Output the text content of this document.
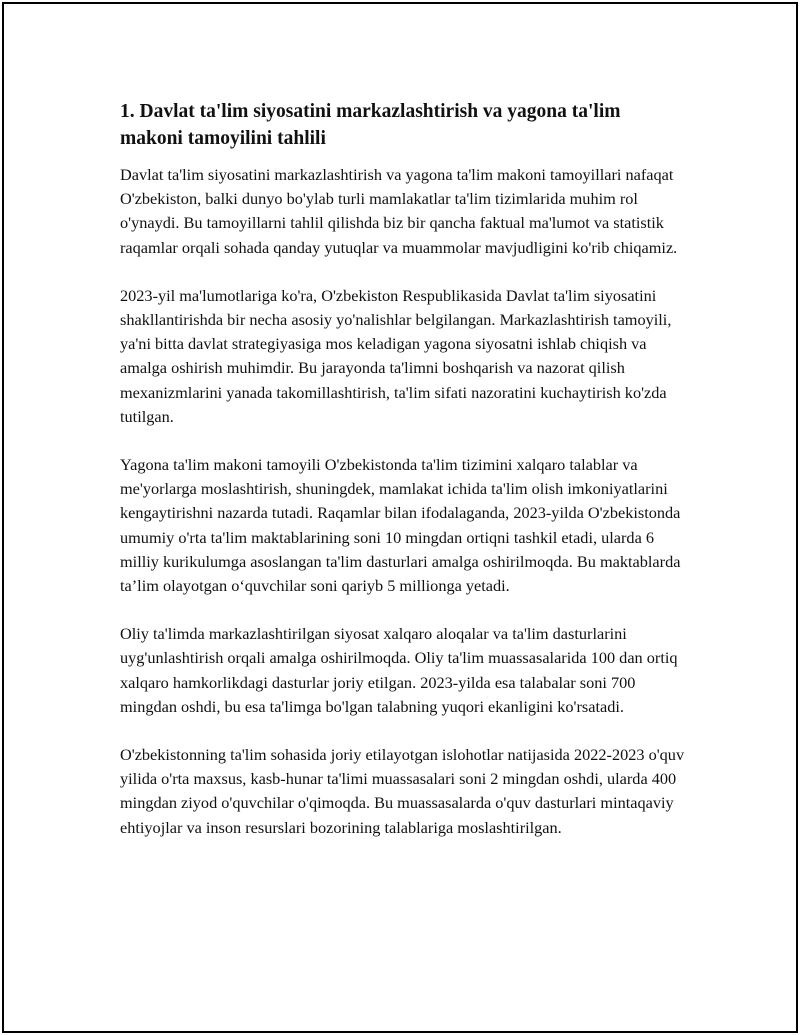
1. Davlat ta'lim siyosatini markazlashtirish va yagona ta'lim makoni tamoyilini tahlili

Davlat ta'lim siyosatini markazlashtirish va yagona ta'lim makoni tamoyillari nafaqat O'zbekiston, balki dunyo bo'ylab turli mamlakatlar ta'lim tizimlarida muhim rol o'ynaydi. Bu tamoyillarni tahlil qilishda biz bir qancha faktual ma'lumot va statistik raqamlar orqali sohada qanday yutuqlar va muammolar mavjudligini ko'rib chiqamiz.

2023-yil ma'lumotlariga ko'ra, O'zbekiston Respublikasida Davlat ta'lim siyosatini shakllantirishda bir necha asosiy yo'nalishlar belgilangan. Markazlashtirish tamoyili, ya'ni bitta davlat strategiyasiga mos keladigan yagona siyosatni ishlab chiqish va amalga oshirish muhimdir. Bu jarayonda ta'limni boshqarish va nazorat qilish mexanizmlarini yanada takomillashtirish, ta'lim sifati nazoratini kuchaytirish ko'zda tutilgan.

Yagona ta'lim makoni tamoyili O'zbekistonda ta'lim tizimini xalqaro talablar va me'yorlarga moslashtirish, shuningdek, mamlakat ichida ta'lim olish imkoniyatlarini kengaytirishni nazarda tutadi. Raqamlar bilan ifodalaganda, 2023-yilda O'zbekistonda umumiy o'rta ta'lim maktablarining soni 10 mingdan ortiqni tashkil etadi, ularda 6 milliy kurikulumga asoslangan ta'lim dasturlari amalga oshirilmoqda. Bu maktablarda ta’lim olayotgan o‘quvchilar soni qariyb 5 millionga yetadi.

Oliy ta'limda markazlashtirilgan siyosat xalqaro aloqalar va ta'lim dasturlarini uyg'unlashtirish orqali amalga oshirilmoqda. Oliy ta'lim muassasalarida 100 dan ortiq xalqaro hamkorlikdagi dasturlar joriy etilgan. 2023-yilda esa talabalar soni 700 mingdan oshdi, bu esa ta'limga bo'lgan talabning yuqori ekanligini ko'rsatadi.

O'zbekistonning ta'lim sohasida joriy etilayotgan islohotlar natijasida 2022-2023 o'quv yilida o'rta maxsus, kasb-hunar ta'limi muassasalari soni 2 mingdan oshdi, ularda 400 mingdan ziyod o'quvchilar o'qimoqda. Bu muassasalarda o'quv dasturlari mintaqaviy ehtiyojlar va inson resurslari bozorining talablariga moslashtirilgan.
